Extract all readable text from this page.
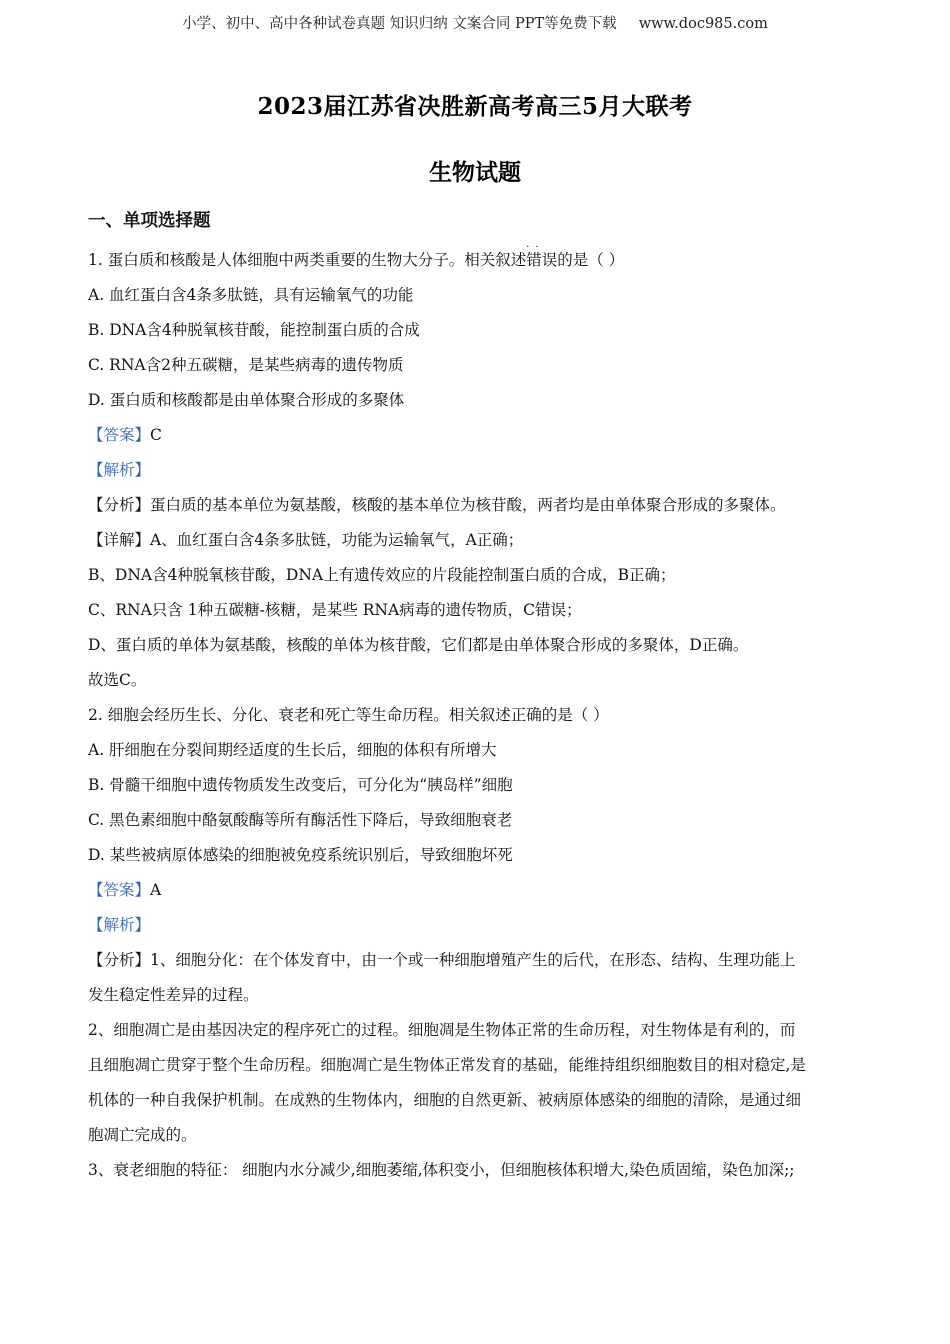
小学、初中、高中各种试卷真题 知识归纳 文案合同 PPT等免费下载 www.doc985.com
2023届江苏省决胜新高考高三5月大联考
生物试题
一、单项选择题
1. 蛋白质和核酸是人体细胞中两类重要的生物大分子。相关叙述
··
错误的是（ ）
A. 血红蛋白含4条多肽链，具有运输氧气的功能
B. DNA含4种脱氧核苷酸，能控制蛋白质的合成
C. RNA含2种五碳糖，是某些病毒的遗传物质
D. 蛋白质和核酸都是由单体聚合形成的多聚体
【答案】C
【解析】
【分析】蛋白质的基本单位为氨基酸，核酸的基本单位为核苷酸，两者均是由单体聚合形成的多聚体。
【详解】A、血红蛋白含4条多肽链，功能为运输氧气，A正确；
B、DNA含4种脱氧核苷酸，DNA上有遗传效应的片段能控制蛋白质的合成，B正确；
C、RNA只含 1种五碳糖-核糖，是某些 RNA病毒的遗传物质，C错误；
D、蛋白质的单体为氨基酸，核酸的单体为核苷酸，它们都是由单体聚合形成的多聚体，D正确。
故选C。
2. 细胞会经历生长、分化、衰老和死亡等生命历程。相关叙述正确的是（ ）
A. 肝细胞在分裂间期经适度的生长后，细胞的体积有所增大
B. 骨髓干细胞中遗传物质发生改变后，可分化为“胰岛样”细胞
C. 黑色素细胞中酪氨酸酶等所有酶活性下降后，导致细胞衰老
D. 某些被病原体感染的细胞被免疫系统识别后，导致细胞坏死
【答案】A
【解析】
【分析】1、细胞分化：在个体发育中，由一个或一种细胞增殖产生的后代，在形态、结构、生理功能上
发生稳定性差异的过程。
2、细胞凋亡是由基因决定的程序死亡的过程。细胞凋是生物体正常的生命历程，对生物体是有利的，而
且细胞凋亡贯穿于整个生命历程。细胞凋亡是生物体正常发育的基础，能维持组织细胞数目的相对稳定,是
机体的一种自我保护机制。在成熟的生物体内，细胞的自然更新、被病原体感染的细胞的清除，是通过细
胞凋亡完成的。
3、衰老细胞的特征： 细胞内水分减少,细胞萎缩,体积变小，但细胞核体积增大,染色质固缩，染色加深;;
